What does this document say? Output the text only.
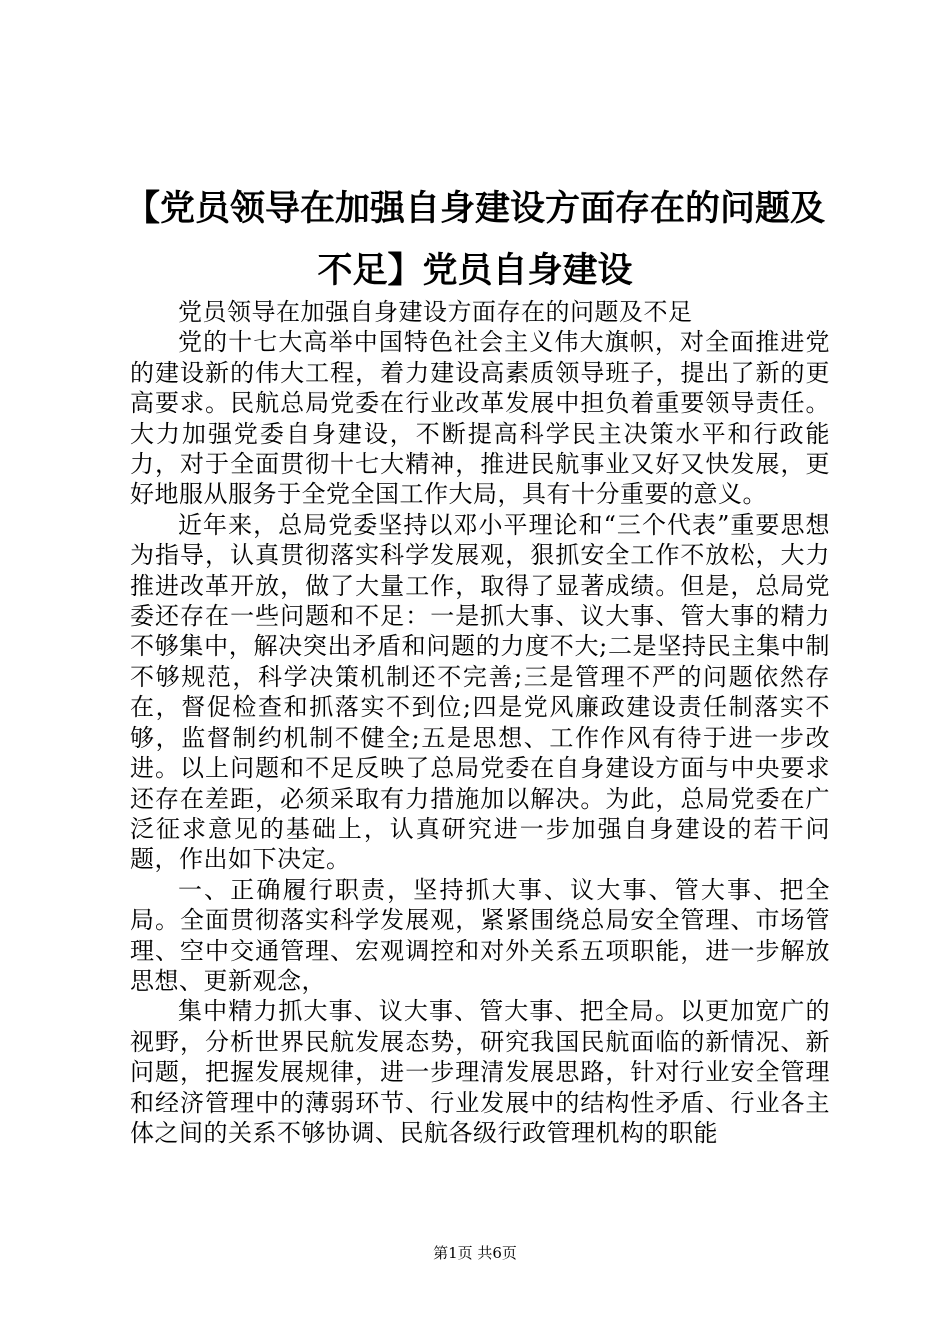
【党员领导在加强自身建设方面存在的问题及不足】党员自身建设

党员领导在加强自身建设方面存在的问题及不足

党的十七大高举中国特色社会主义伟大旗帜，对全面推进党的建设新的伟大工程，着力建设高素质领导班子，提出了新的更高要求。民航总局党委在行业改革发展中担负着重要领导责任。大力加强党委自身建设，不断提高科学民主决策水平和行政能力，对于全面贯彻十七大精神，推进民航事业又好又快发展，更好地服从服务于全党全国工作大局，具有十分重要的意义。

近年来，总局党委坚持以邓小平理论和“三个代表”重要思想为指导，认真贯彻落实科学发展观，狠抓安全工作不放松，大力推进改革开放，做了大量工作，取得了显著成绩。但是，总局党委还存在一些问题和不足：一是抓大事、议大事、管大事的精力不够集中，解决突出矛盾和问题的力度不大;二是坚持民主集中制不够规范，科学决策机制还不完善;三是管理不严的问题依然存在，督促检查和抓落实不到位;四是党风廉政建设责任制落实不够，监督制约机制不健全;五是思想、工作作风有待于进一步改进。以上问题和不足反映了总局党委在自身建设方面与中央要求还存在差距，必须采取有力措施加以解决。为此，总局党委在广泛征求意见的基础上，认真研究进一步加强自身建设的若干问题，作出如下决定。

一、正确履行职责，坚持抓大事、议大事、管大事、把全局。全面贯彻落实科学发展观，紧紧围绕总局安全管理、市场管理、空中交通管理、宏观调控和对外关系五项职能，进一步解放思想、更新观念，

集中精力抓大事、议大事、管大事、把全局。以更加宽广的视野，分析世界民航发展态势，研究我国民航面临的新情况、新问题，把握发展规律，进一步理清发展思路，针对行业安全管理和经济管理中的薄弱环节、行业发展中的结构性矛盾、行业各主体之间的关系不够协调、民航各级行政管理机构的职能

第1页 共6页
